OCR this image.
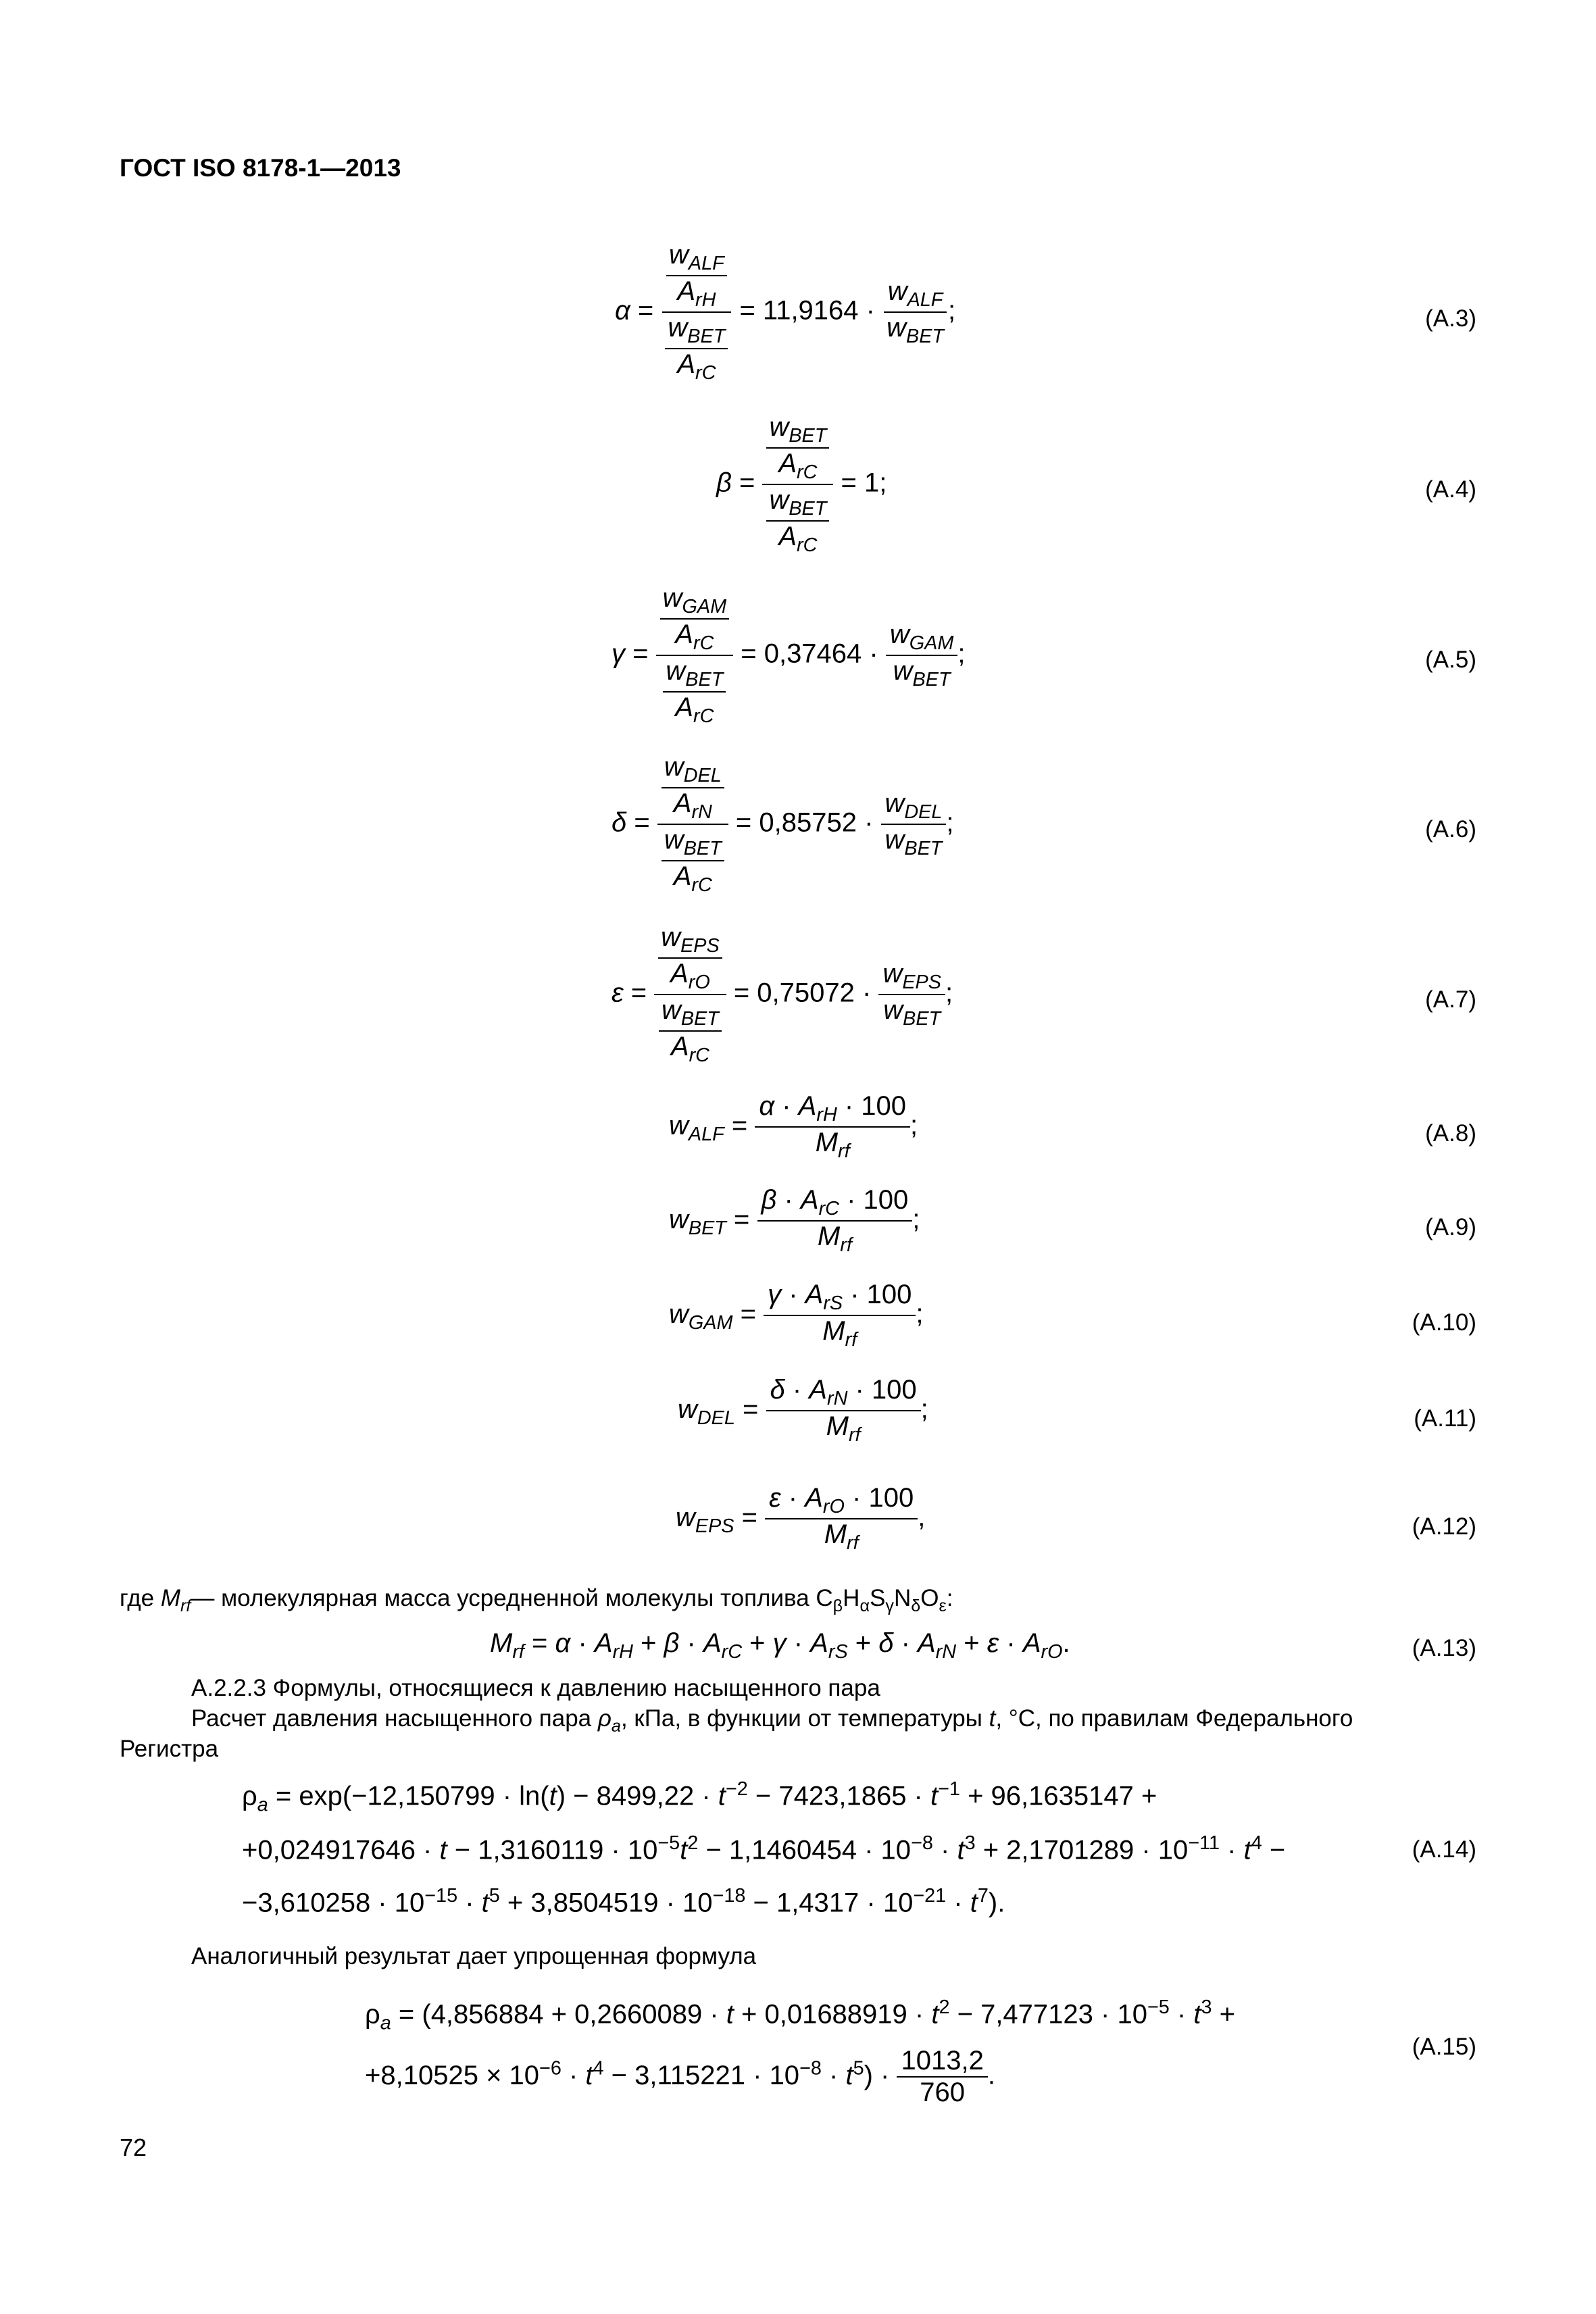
ГОСТ ISO 8178-1—2013
$\alpha = \frac{\frac{w_{ALF}}{A_{rH}}}{\frac{w_{BET}}{A_{rC}}} = 11,9164 \cdot \frac{w_{ALF}}{w_{BET}}$ ;	(A.3)
$\beta = \frac{\frac{w_{BET}}{A_{rC}}}{\frac{w_{BET}}{A_{rC}}} = 1$;	(A.4)
$\gamma = \frac{\frac{w_{GAM}}{A_{rC}}}{\frac{w_{BET}}{A_{rC}}} = 0,37464 \cdot \frac{w_{GAM}}{w_{BET}}$ ;	(A.5)
$\delta = \frac{\frac{w_{DEL}}{A_{rN}}}{\frac{w_{BET}}{A_{rC}}} = 0,85752 \cdot \frac{w_{DEL}}{w_{BET}}$ ;	(A.6)
$\varepsilon = \frac{\frac{w_{EPS}}{A_{rO}}}{\frac{w_{BET}}{A_{rC}}} = 0,75072 \cdot \frac{w_{EPS}}{w_{BET}}$ ;	(A.7)
$w_{ALF} = \frac{\alpha \cdot A_{rH} \cdot 100}{M_{rf}}$ ;	(A.8)
$w_{BET} = \frac{\beta \cdot A_{rC} \cdot 100}{M_{rf}}$ ;	(A.9)
$w_{GAM} = \frac{\gamma \cdot A_{rS} \cdot 100}{M_{rf}}$ ;	(A.10)
$w_{DEL} = \frac{\delta \cdot A_{rN} \cdot 100}{M_{rf}}$ ;	(A.11)
$w_{EPS} = \frac{\varepsilon \cdot A_{rO} \cdot 100}{M_{rf}}$ ,	(A.12)
где $M_{rf}—$ молекулярная масса усредненной молекулы топлива $C_\beta H_\alpha S_\gamma N_\delta O_\varepsilon$:
$M_{rf} = \alpha \cdot A_{rH} + \beta \cdot A_{rC} + \gamma \cdot A_{rS} + \delta \cdot A_{rN} + \varepsilon \cdot A_{rO}$.	(A.13)
A.2.2.3 Формулы, относящиеся к давлению насыщенного пара
Расчет давления насыщенного пара $\rho_a$, кПа, в функции от температуры t, °С, по правилам Федерального
Регистра
$\rho_a = \exp(-12,150799 \cdot \ln(t) - 8499,22 \cdot t^{-2} - 7423,1865 \cdot t^{-1} + 96,1635147$ +
$+0,024917646 \cdot t - 1,3160119 \cdot 10^{-5}t^2 - 1,1460454 \cdot 10^{-8} \cdot t^3 + 2,1701289 \cdot 10^{-11} \cdot t^4$ −
$-3,610258 \cdot 10^{-15} \cdot t^5 + 3,8504519 \cdot 10^{-18} - 1,4317 \cdot 10^{-21} \cdot t^7$).
(A.14)
Аналогичный результат дает упрощенная формула
$\rho_a = (4,856884 + 0,2660089 \cdot t + 0,01688919 \cdot t^2 - 7,477123 \cdot 10^{-5} \cdot t^3$ +
$+8,10525 \times 10^{-6} \cdot t^4 - 3,115221 \cdot 10^{-8} \cdot t^5) \cdot \frac{1013,2}{760}$ .
(A.15)
72
